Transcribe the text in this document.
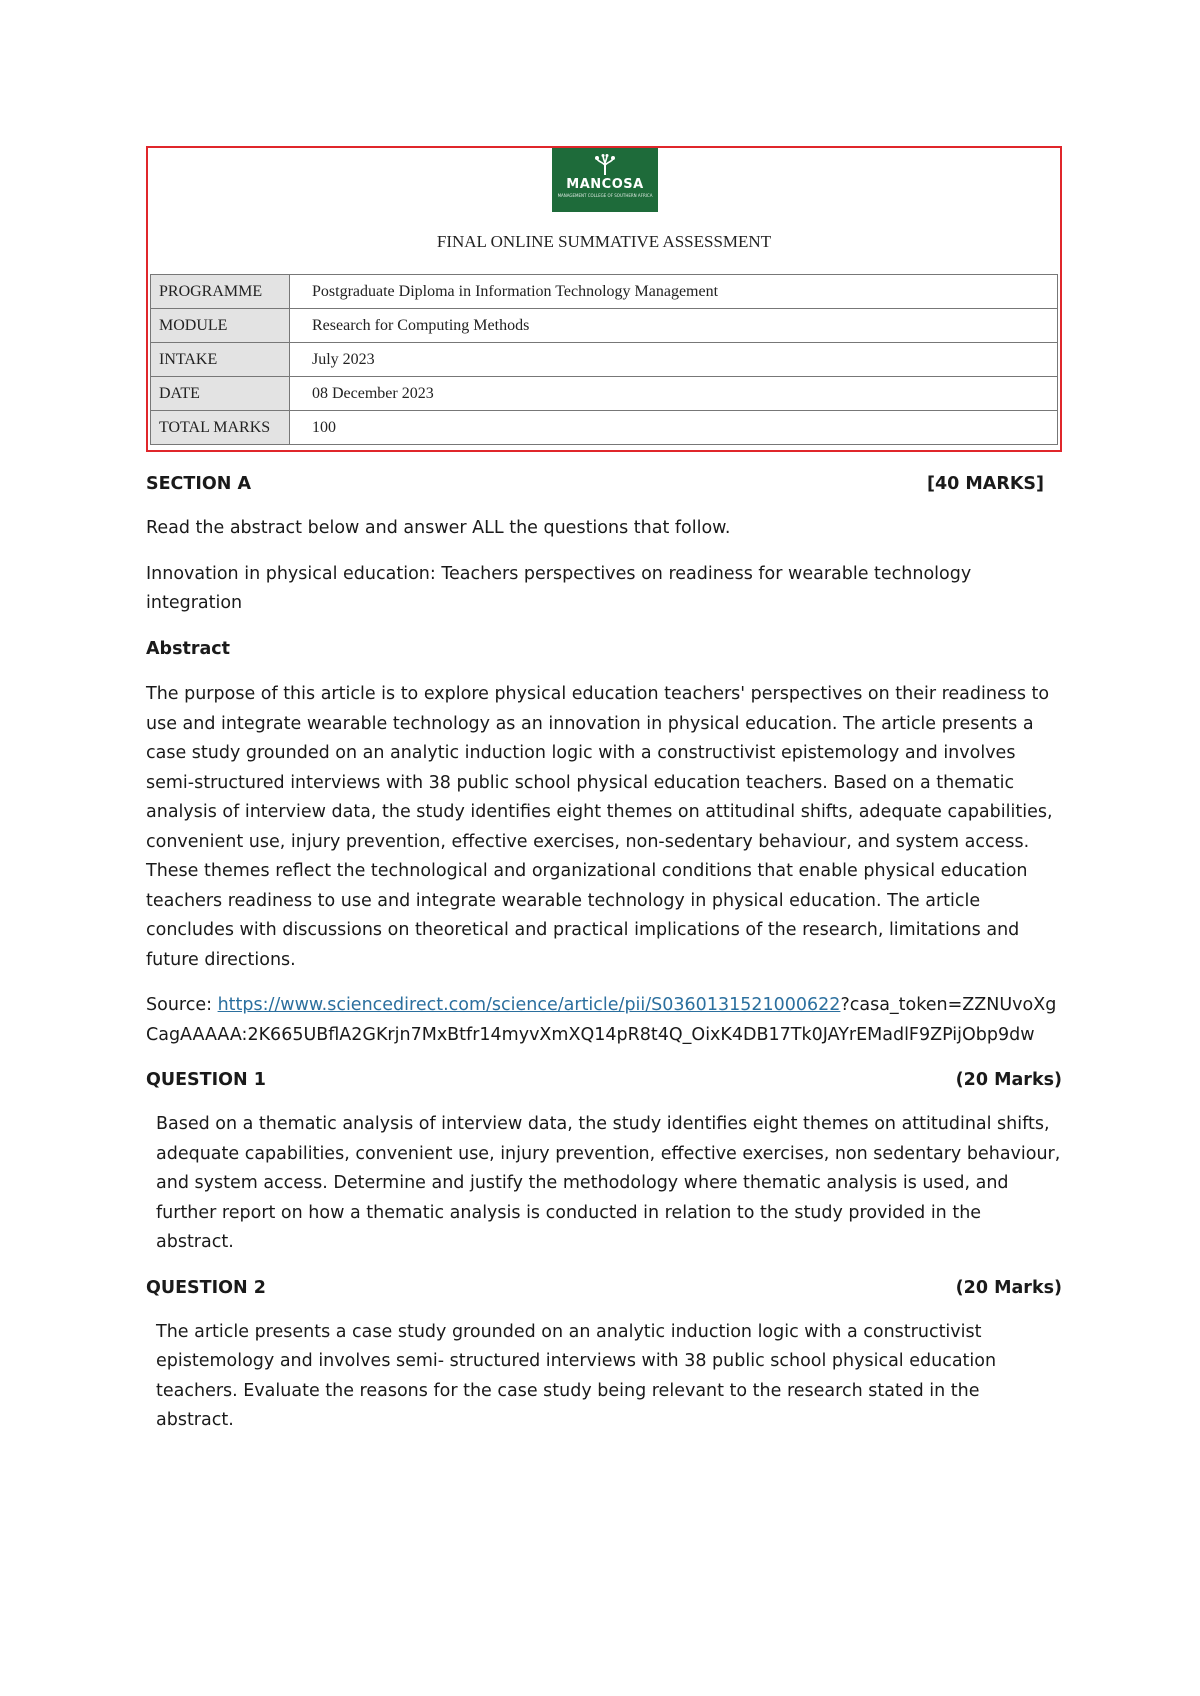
MANCOSA
MANAGEMENT COLLEGE OF SOUTHERN AFRICA
FINAL ONLINE SUMMATIVE ASSESSMENT
PROGRAMME	Postgraduate Diploma in Information Technology Management
MODULE	Research for Computing Methods
INTAKE	July 2023
DATE	08 December 2023
TOTAL MARKS	100
SECTION A	[40 MARKS]

Read the abstract below and answer ALL the questions that follow.

Innovation in physical education: Teachers perspectives on readiness for wearable technology integration

Abstract

The purpose of this article is to explore physical education teachers' perspectives on their readiness to use and integrate wearable technology as an innovation in physical education. The article presents a case study grounded on an analytic induction logic with a constructivist epistemology and involves semi-structured interviews with 38 public school physical education teachers. Based on a thematic analysis of interview data, the study identifies eight themes on attitudinal shifts, adequate capabilities, convenient use, injury prevention, effective exercises, non-sedentary behaviour, and system access. These themes reflect the technological and organizational conditions that enable physical education teachers readiness to use and integrate wearable technology in physical education. The article concludes with discussions on theoretical and practical implications of the research, limitations and future directions.

Source: https://www.sciencedirect.com/science/article/pii/S0360131521000622?casa_token=ZZNUvoXgCagAAAAA:2K665UBflA2GKrjn7MxBtfr14myvXmXQ14pR8t4Q_OixK4DB17Tk0JAYrEMadlF9ZPijObp9dw

QUESTION 1	(20 Marks)

Based on a thematic analysis of interview data, the study identifies eight themes on attitudinal shifts, adequate capabilities, convenient use, injury prevention, effective exercises, non sedentary behaviour, and system access. Determine and justify the methodology where thematic analysis is used, and further report on how a thematic analysis is conducted in relation to the study provided in the abstract.

QUESTION 2	(20 Marks)

The article presents a case study grounded on an analytic induction logic with a constructivist epistemology and involves semi- structured interviews with 38 public school physical education teachers. Evaluate the reasons for the case study being relevant to the research stated in the abstract.
